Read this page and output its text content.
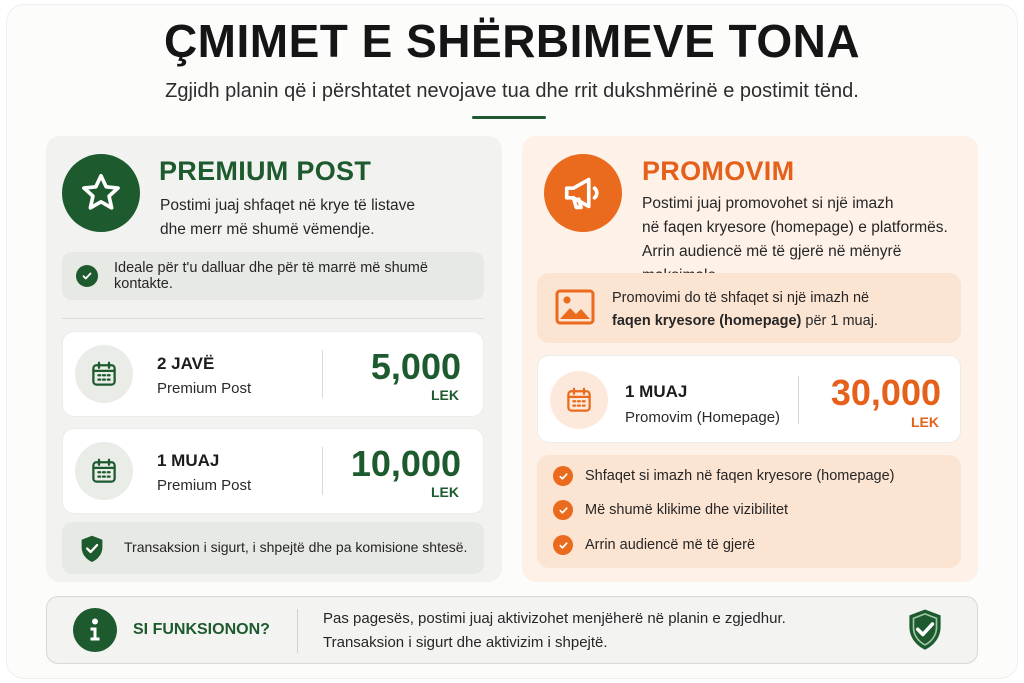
ÇMIMET E SHËRBIMEVE TONA

Zgjidh planin që i përshtatet nevojave tua dhe rrit dukshmërinë e postimit tënd.

PREMIUM POST
Postimi juaj shfaqet në krye të listave
dhe merr më shumë vëmendje.
Ideale për t'u dalluar dhe për të marrë më shumë kontakte.
2 JAVË
Premium Post
5,000
LEK
1 MUAJ
Premium Post
10,000
LEK
Transaksion i sigurt, i shpejtë dhe pa komisione shtesë.
PROMOVIM
Postimi juaj promovohet si një imazh
në faqen kryesore (homepage) e platformës.
Arrin audiencë më të gjerë në mënyrë
Promovimi do të shfaqet si një imazh në
faqen kryesore (homepage) për 1 muaj.
1 MUAJ
Promovim (Homepage)
30,000
LEK
Shfaqet si imazh në faqen kryesore (homepage)
Më shumë klikime dhe vizibilitet
Arrin audiencë më të gjerë
SI FUNKSIONON?
Pas pagesës, postimi juaj aktivizohet menjëherë në planin e zgjedhur.
Transaksion i sigurt dhe aktivizim i shpejtë.
